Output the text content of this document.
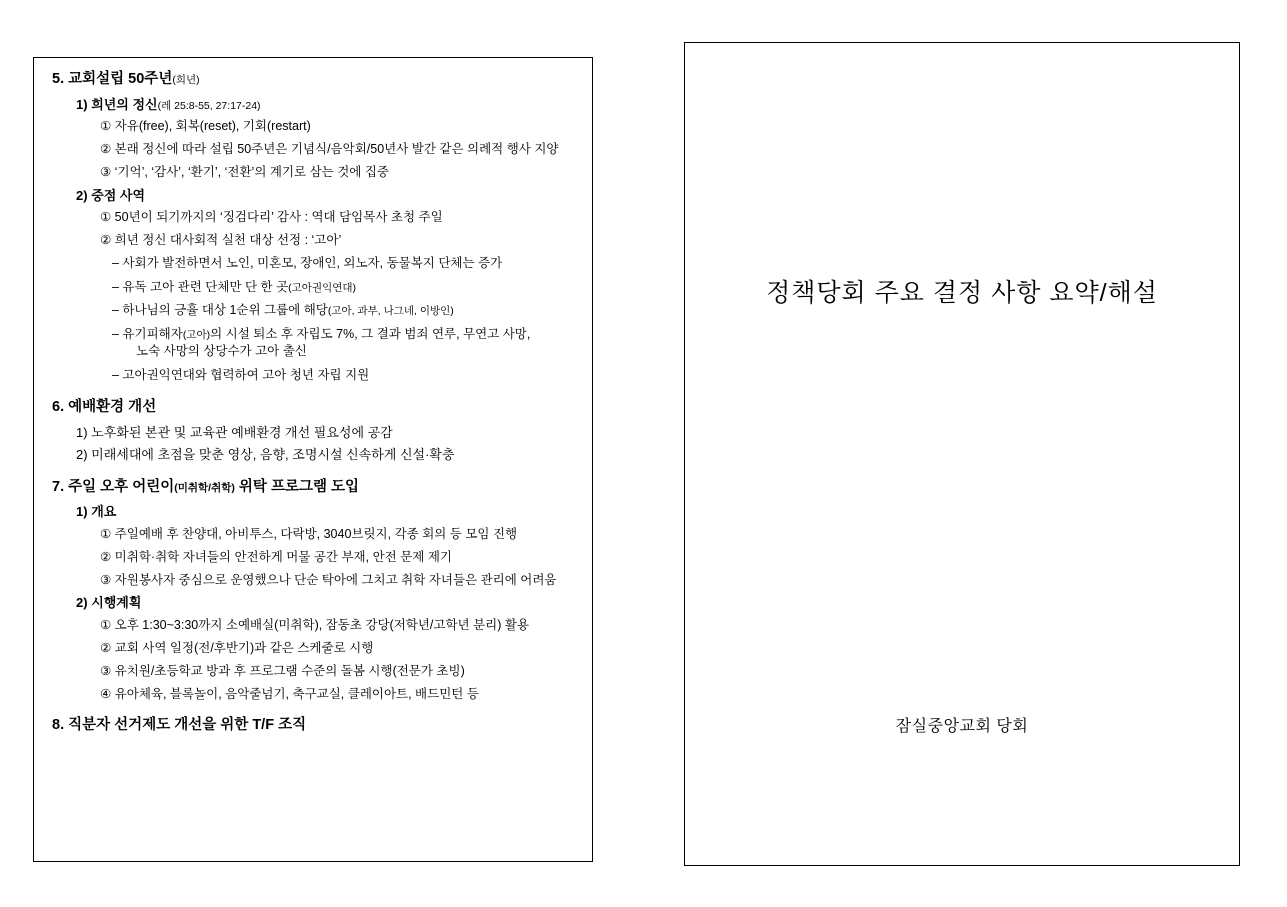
5. 교회설립 50주년(희년)
1) 희년의 정신(레 25:8-55, 27:17-24)
① 자유(free), 회복(reset), 기회(restart)
② 본래 정신에 따라 설립 50주년은 기념식/음악회/50년사 발간 같은 의례적 행사 지양
③ ‘기억’, ‘감사’, ‘환기’, ‘전환’의 계기로 삼는 것에 집중
2) 중점 사역
① 50년이 되기까지의 ‘징검다리’ 감사 : 역대 담임목사 초청 주일
② 희년 정신 대사회적 실천 대상 선정 : ‘고아’
– 사회가 발전하면서 노인, 미혼모, 장애인, 외노자, 동물복지 단체는 증가
– 유독 고아 관련 단체만 단 한 곳(고아권익연대)
– 하나님의 긍휼 대상 1순위 그룹에 해당(고아, 과부, 나그네, 이방인)
– 유기피해자(고아)의 시설 퇴소 후 자립도 7%, 그 결과 범죄 연루, 무연고 사망,
노숙 사망의 상당수가 고아 출신
– 고아권익연대와 협력하여 고아 청년 자립 지원
6. 예배환경 개선
1) 노후화된 본관 및 교육관 예배환경 개선 필요성에 공감
2) 미래세대에 초점을 맞춘 영상, 음향, 조명시설 신속하게 신설·확충
7. 주일 오후 어린이(미취학/취학) 위탁 프로그램 도입
1) 개요
① 주일예배 후 찬양대, 아비투스, 다락방, 3040브릿지, 각종 회의 등 모임 진행
② 미취학·취학 자녀들의 안전하게 머물 공간 부재, 안전 문제 제기
③ 자원봉사자 중심으로 운영했으나 단순 탁아에 그치고 취학 자녀들은 관리에 어려움
2) 시행계획
① 오후 1:30~3:30까지 소예배실(미취학), 잠동초 강당(저학년/고학년 분리) 활용
② 교회 사역 일정(전/후반기)과 같은 스케줄로 시행
③ 유치원/초등학교 방과 후 프로그램 수준의 돌봄 시행(전문가 초빙)
④ 유아체육, 블록놀이, 음악줄넘기, 축구교실, 클레이아트, 배드민턴 등
8. 직분자 선거제도 개선을 위한 T/F 조직
정책당회 주요 결정 사항 요약/해설
잠실중앙교회 당회
